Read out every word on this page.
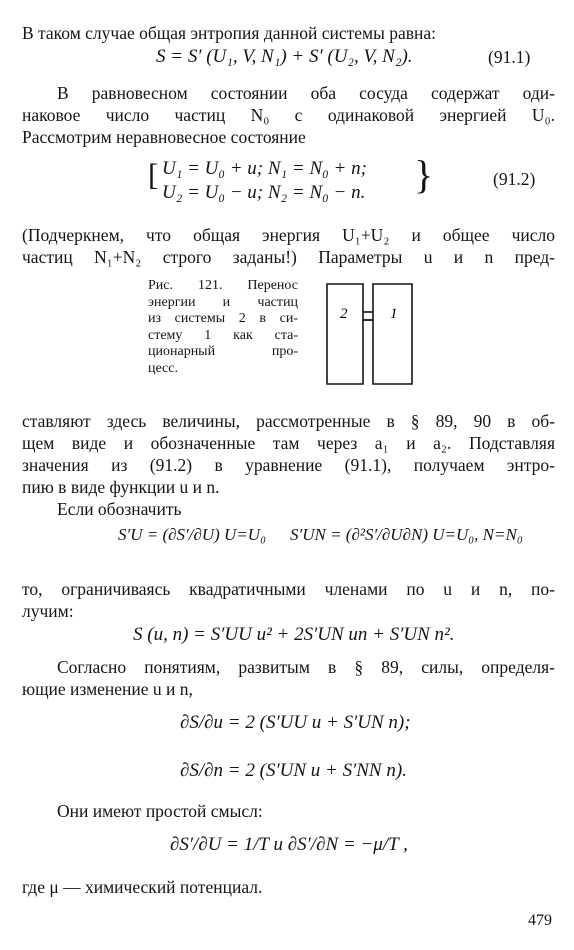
В таком случае общая энтропия данной системы равна:
S = S′ (U₁, V, N₁) + S′ (U₂, V, N₂).	(91.1)
В равновесном состоянии оба сосуда содержат оди-
наковое число частиц N₀ с одинаковой энергией U₀.
Рассмотрим неравновесное состояние
[ U₁ = U₀ + u; N₁ = N₀ + n;
U₂ = U₀ − u; N₂ = N₀ − n. }	(91.2)
(Подчеркнем, что общая энергия U₁+U₂ и общее число
частиц N₁+N₂ строго заданы!) Параметры u и n пред-
Рис. 121. Перенос
энергии и частиц
из системы 2 в си-
стему 1 как ста-
ционарный про-
цесс.
2	1
ставляют здесь величины, рассмотренные в § 89, 90 в об-
щем виде и обозначенные там через a₁ и a₂. Подставляя
значения из (91.2) в уравнение (91.1), получаем энтро-
пию в виде функции u и n.
Если обозначить
S′U = (∂S′/∂U) U=U₀ S′UN = (∂²S′/∂U∂N) U=U₀, N=N₀
то, ограничиваясь квадратичными членами по u и n, по-
лучим:
S (u, n) = S′UU u² + 2S′UN un + S′UN n².
Согласно понятиям, развитым в § 89, силы, определя-
ющие изменение u и n,
∂S/∂u = 2 (S′UU u + S′UN n);
∂S/∂n = 2 (S′UN u + S′NN n).
Они имеют простой смысл:
∂S′/∂U = 1/T и ∂S′/∂N = −μ/T ,
где μ — химический потенциал.
479
